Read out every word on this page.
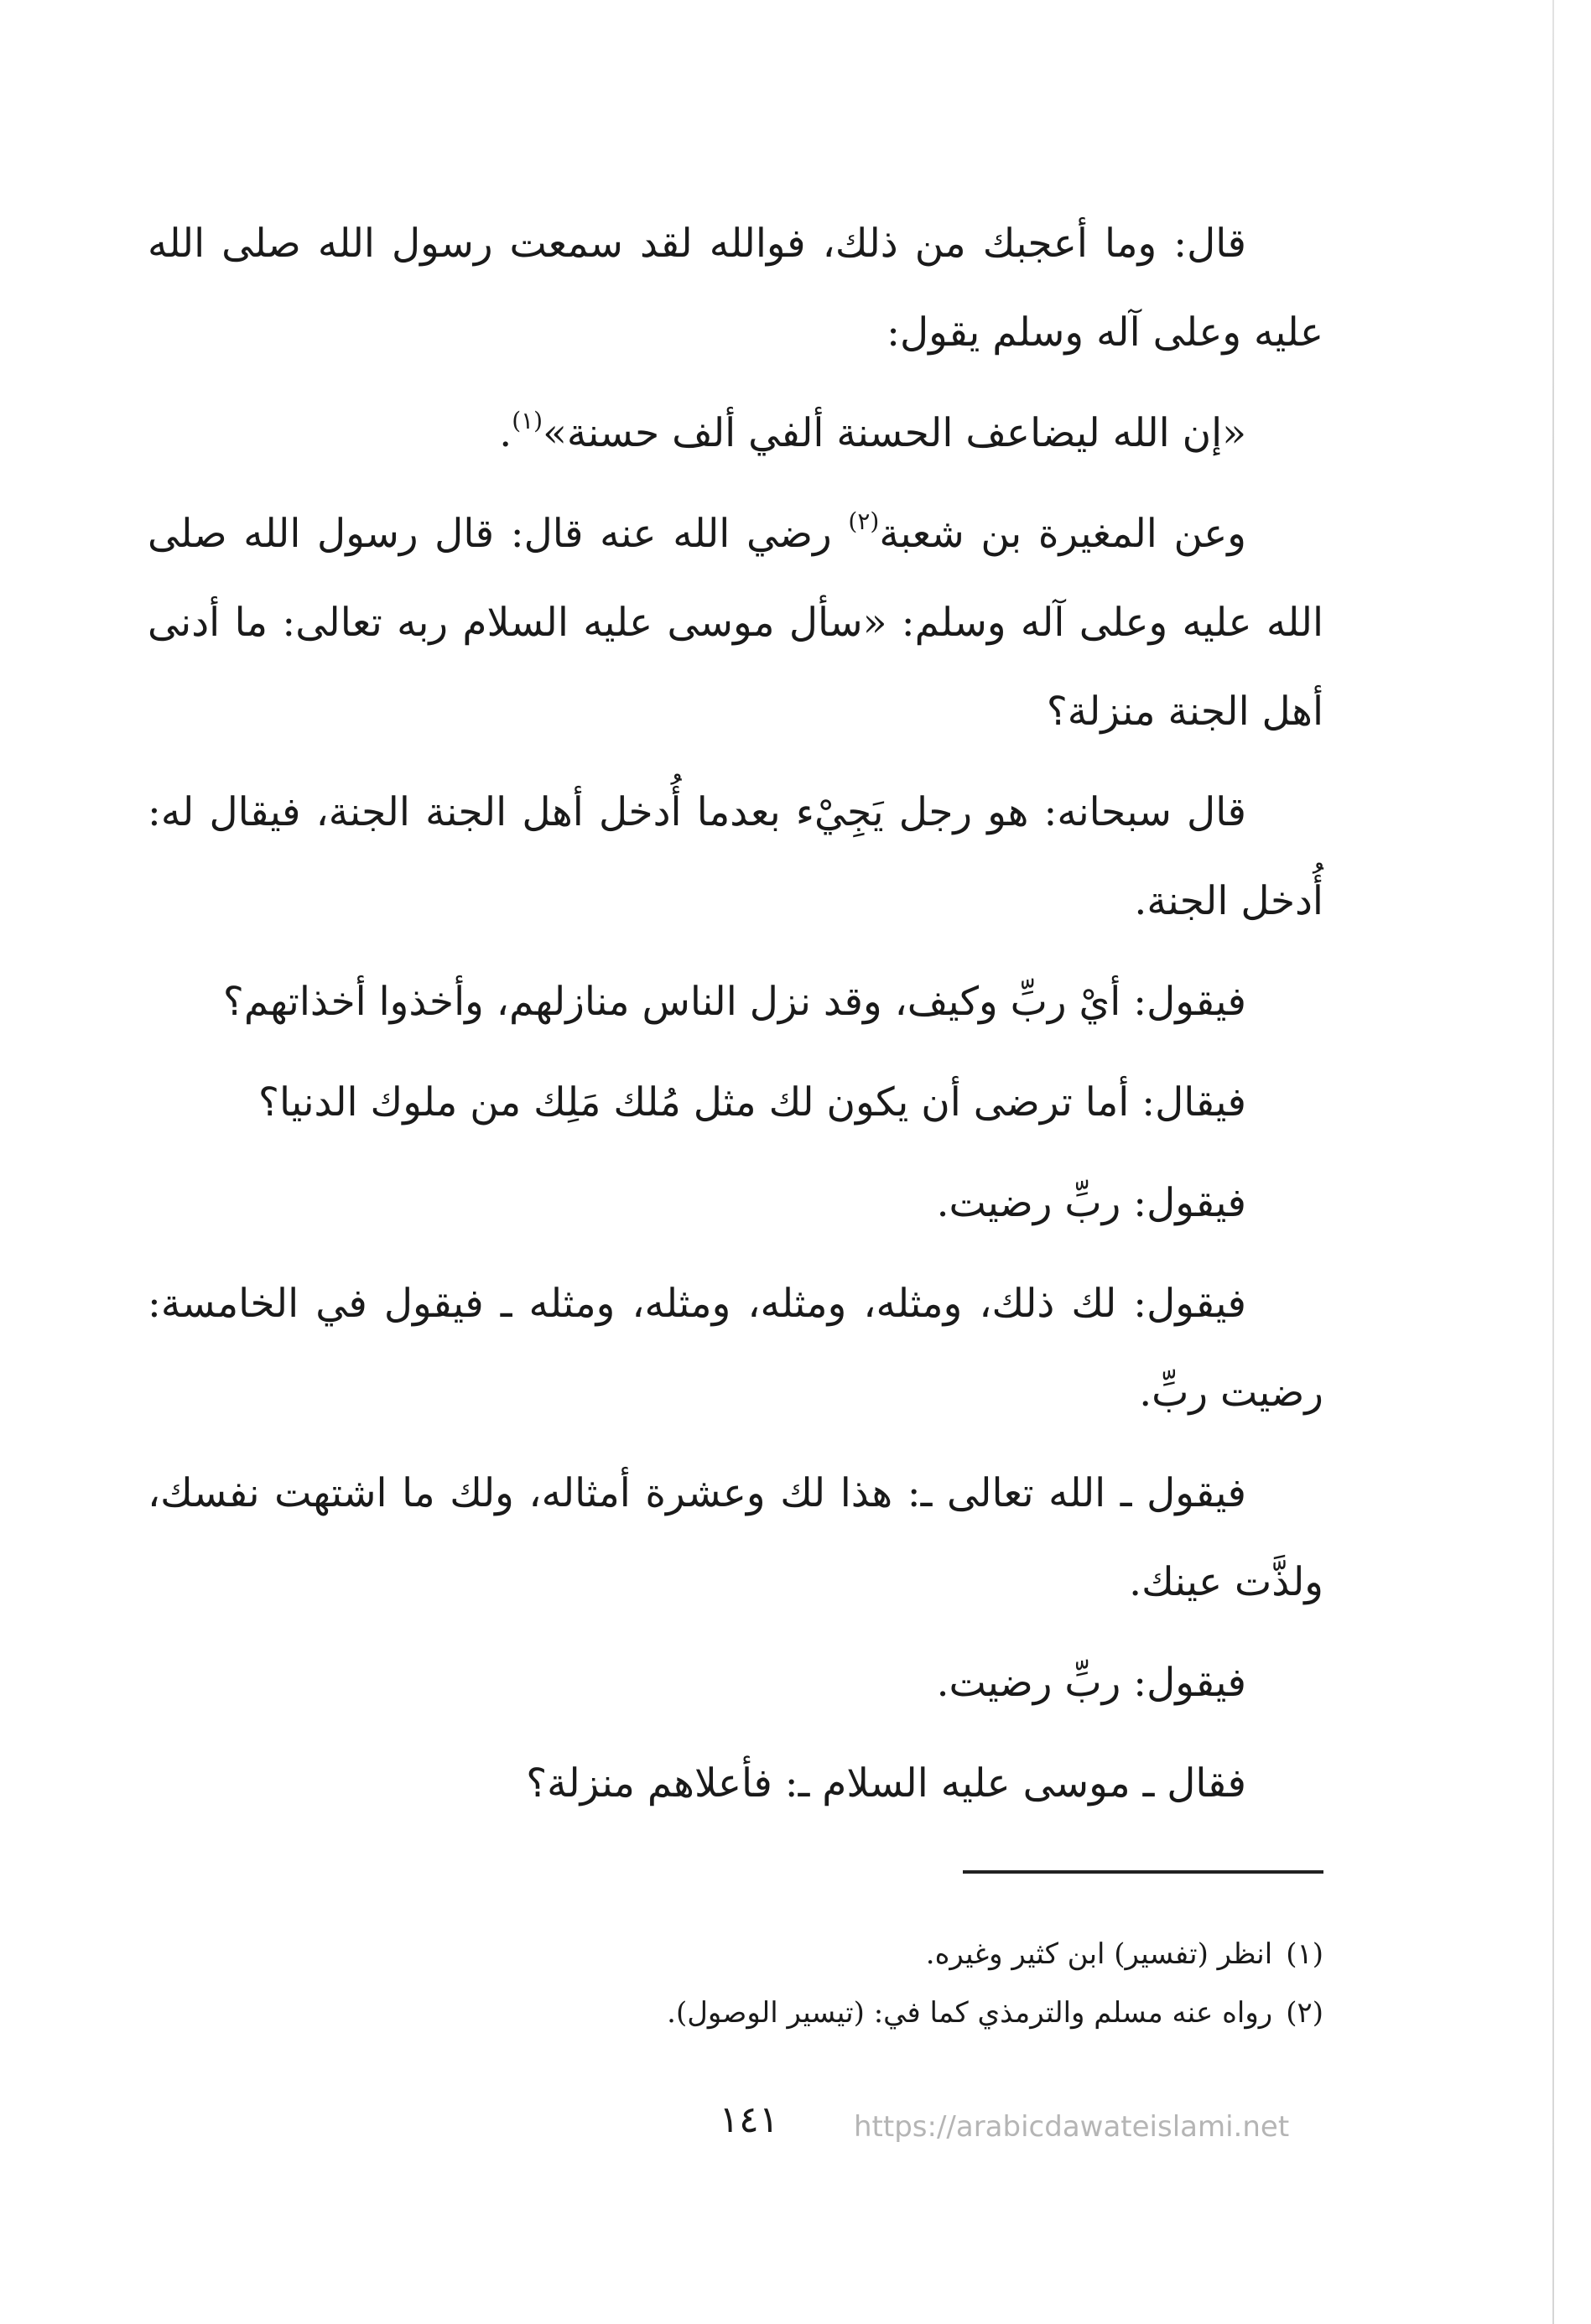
قال: وما أعجبك من ذلك، فوالله لقد سمعت رسول الله صلى الله عليه وعلى آله وسلم يقول:

«إن الله ليضاعف الحسنة ألفي ألف حسنة»$^{(١)}$.

وعن المغيرة بن شعبة$^{(٢)}$ رضي الله عنه قال: قال رسول الله صلى الله عليه وعلى آله وسلم: «سأل موسى عليه السلام ربه تعالى: ما أدنى أهل الجنة منزلة؟

قال سبحانه: هو رجل يَجِيْء بعدما أُدخل أهل الجنة الجنة، فيقال له: أُدخل الجنة.

فيقول: أيْ ربِّ وكيف، وقد نزل الناس منازلهم، وأخذوا أخذاتهم؟

فيقال: أما ترضى أن يكون لك مثل مُلك مَلِك من ملوك الدنيا؟

فيقول: ربِّ رضيت.

فيقول: لك ذلك، ومثله، ومثله، ومثله، ومثله ـ فيقول في الخامسة: رضيت ربِّ.

فيقول ـ الله تعالى ـ: هذا لك وعشرة أمثاله، ولك ما اشتهت نفسك، ولذَّت عينك.

فيقول: ربِّ رضيت.

فقال ـ موسى عليه السلام ـ: فأعلاهم منزلة؟

(١)انظر (تفسير) ابن كثير وغيره.
(٢)رواه عنه مسلم والترمذي كما في: (تيسير الوصول).
١٤١	https://arabicdawateislami.net
